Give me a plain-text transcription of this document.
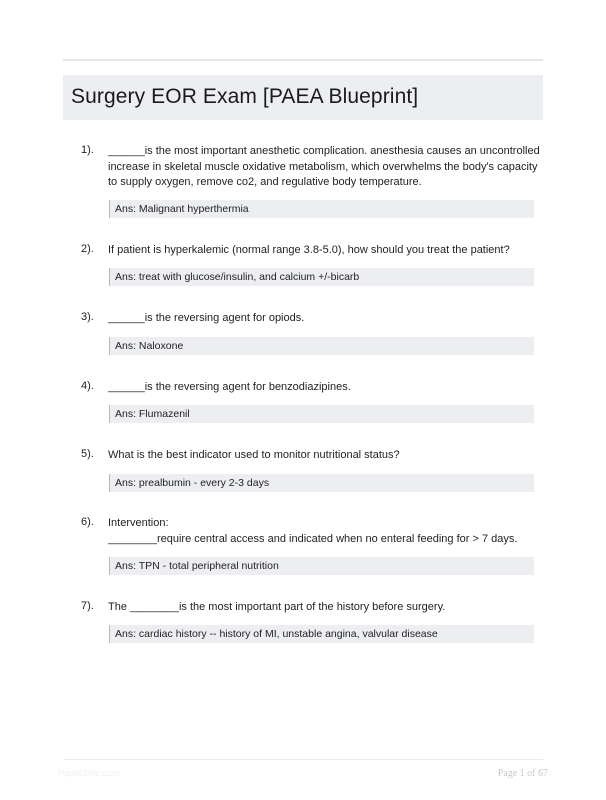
Surgery EOR Exam [PAEA Blueprint]
1). ______is the most important anesthetic complication. anesthesia causes an uncontrolled
increase in skeletal muscle oxidative metabolism, which overwhelms the body's capacity
to supply oxygen, remove co2, and regulative body temperature.
Ans: Malignant hyperthermia
2). If patient is hyperkalemic (normal range 3.8-5.0), how should you treat the patient?
Ans: treat with glucose/insulin, and calcium +/-bicarb
3). ______is the reversing agent for opiods.
Ans: Naloxone
4). ______is the reversing agent for benzodiazipines.
Ans: Flumazenil
5). What is the best indicator used to monitor nutritional status?
Ans: prealbumin - every 2-3 days
6). Intervention:
________require central access and indicated when no enteral feeding for > 7 days.
Ans: TPN - total peripheral nutrition
7). The ________is the most important part of the history before surgery.
Ans: cardiac history -- history of MI, unstable angina, valvular disease
PaperStric.com	Page 1 of 67
